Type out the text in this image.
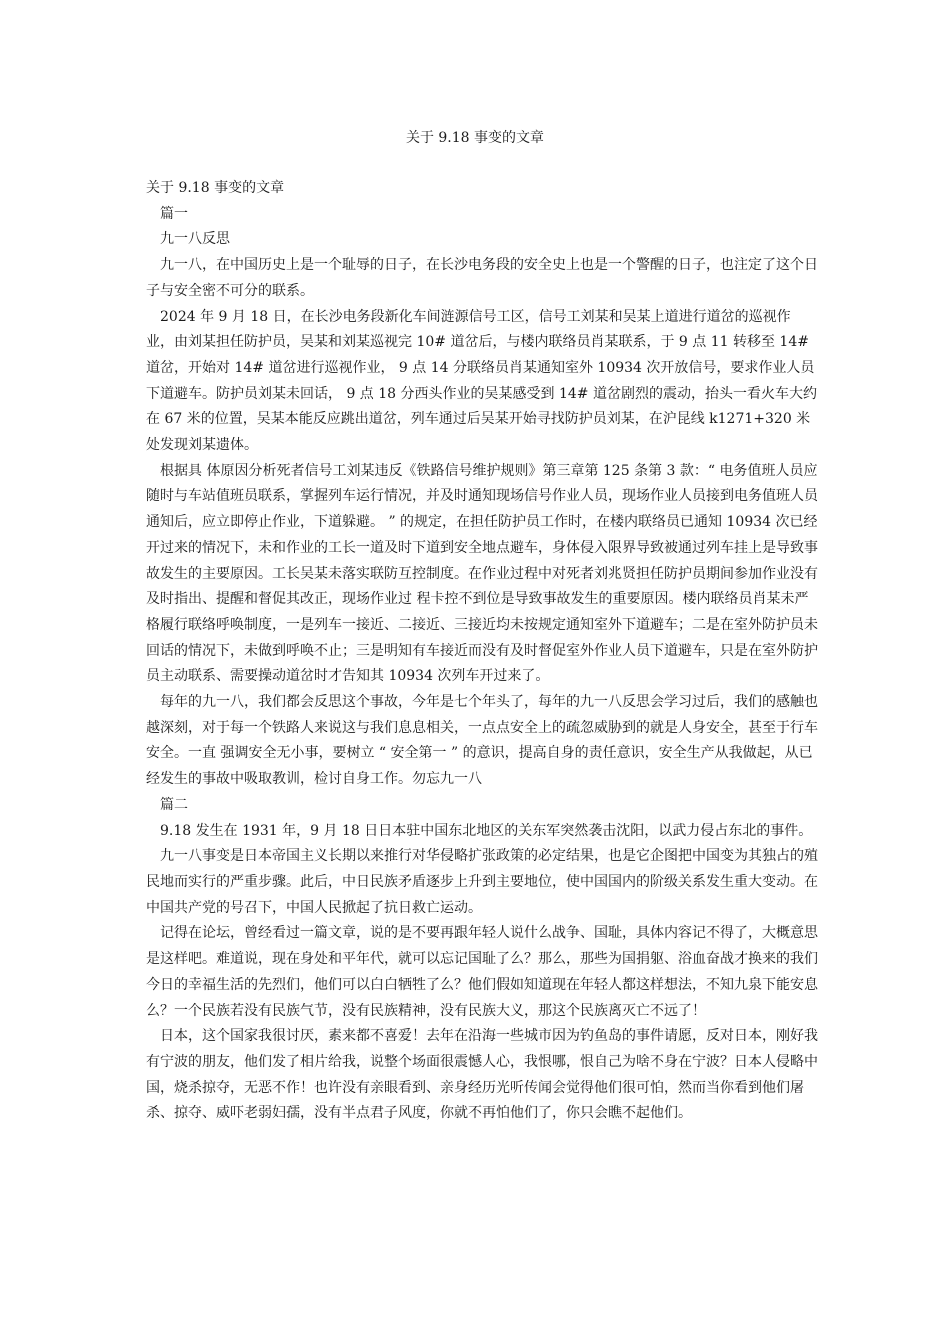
关于 9.18 事变的文章

关于 9.18 事变的文章

篇一

九一八反思

九一八，在中国历史上是一个耻辱的日子，在长沙电务段的安全史上也是一个警醒的日子，也注定了这个日子与安全密不可分的联系。

2024 年 9 月 18 日，在长沙电务段新化车间涟源信号工区，信号工刘某和吴某上道进行道岔的巡视作业，由刘某担任防护员，吴某和刘某巡视完 10# 道岔后，与楼内联络员肖某联系，于 9 点 11 转移至 14# 道岔，开始对 14# 道岔进行巡视作业， 9 点 14 分联络员肖某通知室外 10934 次开放信号，要求作业人员下道避车。防护员刘某未回话， 9 点 18 分西头作业的吴某感受到 14# 道岔剧烈的震动，抬头一看火车大约在 67 米的位置，吴某本能反应跳出道岔，列车通过后吴某开始寻找防护员刘某，在沪昆线 k1271+320 米处发现刘某遗体。

根据具 体原因分析死者信号工刘某违反《铁路信号维护规则》第三章第 125 条第 3 款：“ 电务值班人员应随时与车站值班员联系，掌握列车运行情况，并及时通知现场信号作业人员，现场作业人员接到电务值班人员通知后，应立即停止作业，下道躲避。 ” 的规定，在担任防护员工作时，在楼内联络员已通知 10934 次已经开过来的情况下，未和作业的工长一道及时下道到安全地点避车，身体侵入限界导致被通过列车挂上是导致事故发生的主要原因。工长吴某未落实联防互控制度。在作业过程中对死者刘兆贤担任防护员期间参加作业没有及时指出、提醒和督促其改正，现场作业过 程卡控不到位是导致事故发生的重要原因。楼内联络员肖某未严格履行联络呼唤制度，一是列车一接近、二接近、三接近均未按规定通知室外下道避车；二是在室外防护员未回话的情况下，未做到呼唤不止；三是明知有车接近而没有及时督促室外作业人员下道避车，只是在室外防护员主动联系、需要操动道岔时才告知其 10934 次列车开过来了。

每年的九一八，我们都会反思这个事故，今年是七个年头了，每年的九一八反思会学习过后，我们的感触也越深刻，对于每一个铁路人来说这与我们息息相关，一点点安全上的疏忽威胁到的就是人身安全，甚至于行车安全。一直 强调安全无小事，要树立 “ 安全第一 ” 的意识，提高自身的责任意识，安全生产从我做起，从已经发生的事故中吸取教训，检讨自身工作。勿忘九一八

篇二

9.18 发生在 1931 年，9 月 18 日日本驻中国东北地区的关东军突然袭击沈阳，以武力侵占东北的事件。

九一八事变是日本帝国主义长期以来推行对华侵略扩张政策的必定结果，也是它企图把中国变为其独占的殖民地而实行的严重步骤。此后，中日民族矛盾逐步上升到主要地位，使中国国内的阶级关系发生重大变动。在中国共产党的号召下，中国人民掀起了抗日救亡运动。

记得在论坛，曾经看过一篇文章，说的是不要再跟年轻人说什么战争、国耻，具体内容记不得了，大概意思是这样吧。难道说，现在身处和平年代，就可以忘记国耻了么？那么，那些为国捐躯、浴血奋战才换来的我们今日的幸福生活的先烈们，他们可以白白牺牲了么？他们假如知道现在年轻人都这样想法，不知九泉下能安息么？一个民族若没有民族气节，没有民族精神，没有民族大义，那这个民族离灭亡不远了！

日本，这个国家我很讨厌，素来都不喜爱！去年在沿海一些城市因为钓鱼岛的事件请愿，反对日本，刚好我有宁波的朋友，他们发了相片给我，说整个场面很震憾人心，我恨哪，恨自己为啥不身在宁波？日本人侵略中国，烧杀掠夺，无恶不作！也许没有亲眼看到、亲身经历光听传闻会觉得他们很可怕，然而当你看到他们屠杀、掠夺、威吓老弱妇孺，没有半点君子风度，你就不再怕他们了，你只会瞧不起他们。
